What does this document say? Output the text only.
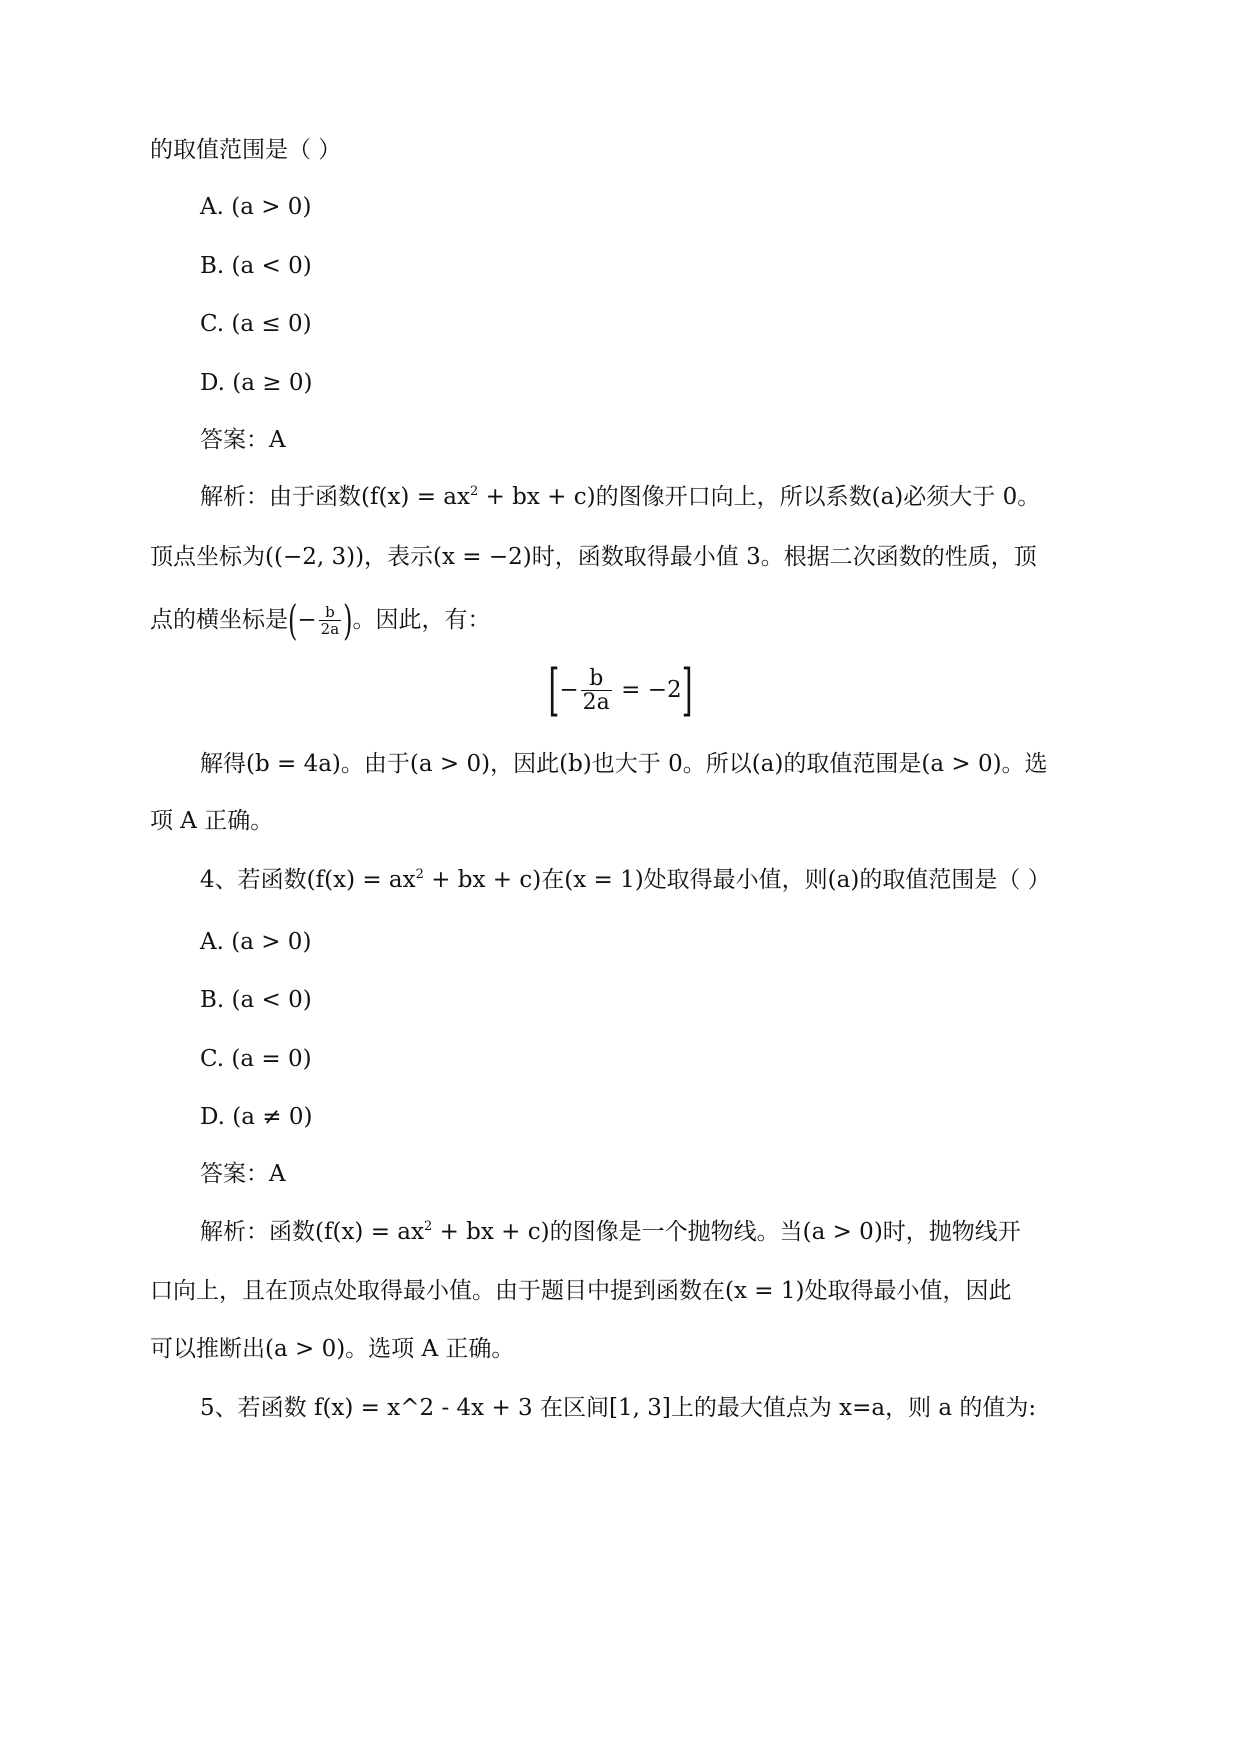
的取值范围是（ ）
A. (a > 0)
B. (a < 0)
C. (a ≤ 0)
D. (a ≥ 0)
答案：A
解析：由于函数($f(x) = ax^2$ + bx + c)的图像开口向上，所以系数(a)必须大于 0。
顶点坐标为((−2, 3))，表示(x = −2)时，函数取得最小值 3。根据二次函数的性质，顶
点的横坐标是(− $\frac{b}{2a}$ )。因此，有：
[− $\frac{b}{2a} = -2$]
解得(b = 4a)。由于(a > 0)，因此(b)也大于 0。所以(a)的取值范围是(a > 0)。选
项 A 正确。
4、若函数($f(x) = ax^2$ + bx + c)在(x = 1)处取得最小值，则(a)的取值范围是（ ）
A. (a > 0)
B. (a < 0)
C. (a = 0)
D. (a ≠ 0)
答案：A
解析：函数($f(x) = ax^2$ + bx + c)的图像是一个抛物线。当(a > 0)时，抛物线开
口向上，且在顶点处取得最小值。由于题目中提到函数在(x = 1)处取得最小值，因此
可以推断出(a > 0)。选项 A 正确。
5、若函数 f(x) = x^2 - 4x + 3 在区间[1, 3]上的最大值点为 x=a，则 a 的值为:
